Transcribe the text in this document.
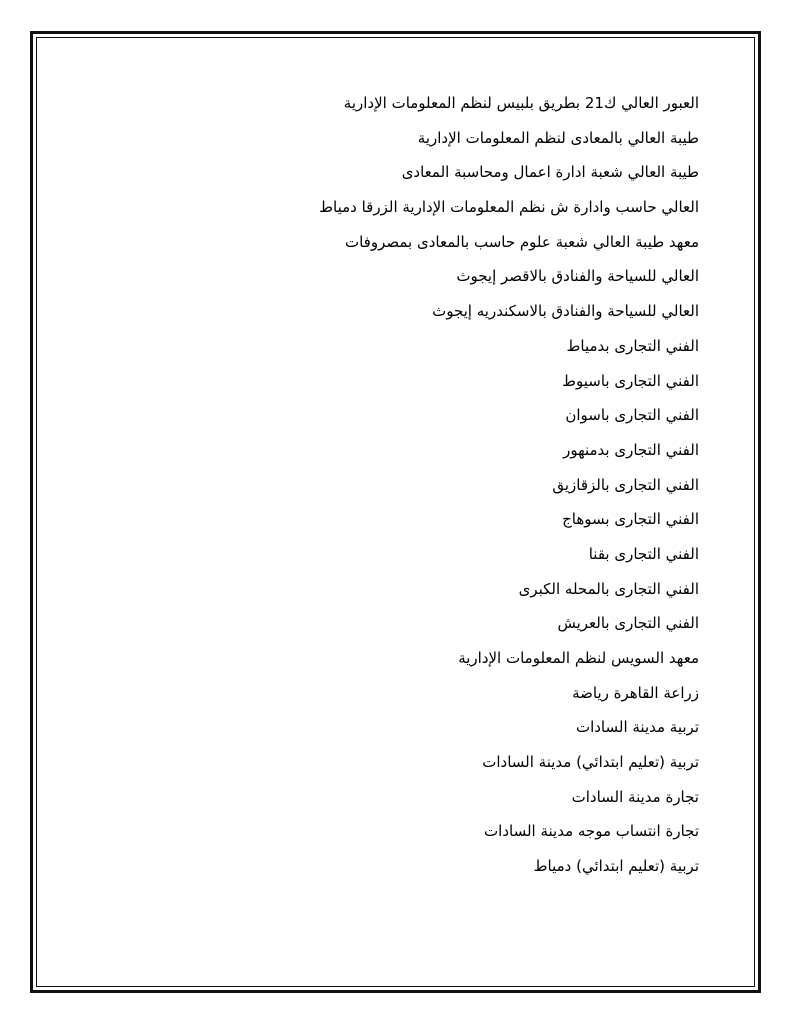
العبور العالي ك21 بطريق بلبيس لنظم المعلومات الإدارية
طيبة العالي بالمعادى لنظم المعلومات الإدارية
طيبة العالي شعبة ادارة اعمال ومحاسبة المعادى
العالي حاسب وادارة ش نظم المعلومات الإدارية الزرقا دمياط
معهد طيبة العالي شعبة علوم حاسب بالمعادى بمصروفات
العالي للسياحة والفنادق بالاقصر إيجوث
العالي للسياحة والفنادق بالاسكندريه إيجوث
الفني التجارى بدمياط
الفني التجارى باسيوط
الفني التجارى باسوان
الفني التجارى بدمنهور
الفني التجارى بالزقازيق
الفني التجارى بسوهاج
الفني التجارى بقنا
الفني التجارى بالمحله الكبرى
الفني التجارى بالعريش
معهد السويس لنظم المعلومات الإدارية
زراعة القاهرة رياضة
تربية مدينة السادات
تربية (تعليم ابتدائي) مدينة السادات
تجارة مدينة السادات
تجارة انتساب موجه مدينة السادات
تربية (تعليم ابتدائي) دمياط
